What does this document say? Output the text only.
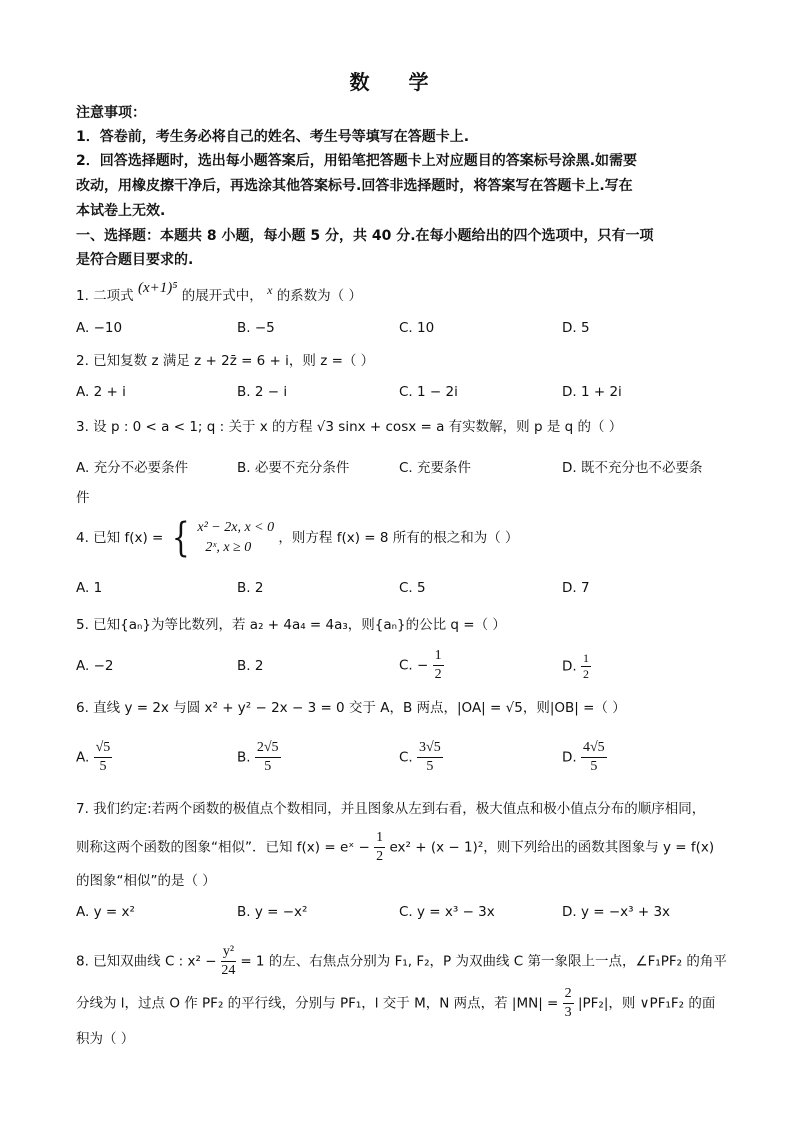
数 学
注意事项：
1．答卷前，考生务必将自己的姓名、考生号等填写在答题卡上.
2．回答选择题时，选出每小题答案后，用铅笔把答题卡上对应题目的答案标号涂黑.如需要
改动，用橡皮擦干净后，再选涂其他答案标号.回答非选择题时，将答案写在答题卡上.写在
本试卷上无效.
一、选择题：本题共 8 小题，每小题 5 分，共 40 分.在每小题给出的四个选项中，只有一项
是符合题目要求的.
1. 二项式 (x+1)⁵ 的展开式中， x 的系数为（ ）
A. −10	B. −5	C. 10	D. 5
2. 已知复数 z 满足 z + 2z̄ = 6 + i，则 z =（ ）
A. 2 + i	B. 2 − i	C. 1 − 2i	D. 1 + 2i
3. 设 p : 0 < a < 1; q : 关于 x 的方程 √3 sinx + cosx = a 有实数解，则 p 是 q 的（ ）
A. 充分不必要条件	B. 必要不充分条件	C. 充要条件	D. 既不充分也不必要条
件
4. 已知 f(x) = { x² − 2x, x < 0
2ˣ, x ≥ 0
，则方程 f(x) = 8 所有的根之和为（ ）
A. 1	B. 2	C. 5	D. 7
5. 已知{aₙ}为等比数列，若 a₂ + 4a₄ = 4a₃，则{aₙ}的公比 q =（ ）
A. −2	B. 2	C. − $\frac{1}{2}$	D. $\frac{1}{2}$
6. 直线 y = 2x 与圆 x² + y² − 2x − 3 = 0 交于 A，B 两点，|OA| = √5，则|OB| =（ ）
A. $\frac{√5}{5}$	B. $\frac{2√5}{5}$	C. $\frac{3√5}{5}$	D. $\frac{4√5}{5}$
7. 我们约定:若两个函数的极值点个数相同，并且图象从左到右看，极大值点和极小值点分布的顺序相同，
则称这两个函数的图象“相似”．已知 f(x) = eˣ − $\frac{1}{2} ex^2 + (x - 1)^2$，则下列给出的函数其图象与 y = f(x)
的图象“相似”的是（ ）
A. y = x²	B. y = −x²	C. y = x³ − 3x	D. y = −x³ + 3x
8. 已知双曲线 C : $x^2 - \frac{\text{y²}}{24} = 1$ 的左、右焦点分别为 F₁, F₂，P 为双曲线 C 第一象限上一点，∠F₁PF₂ 的角平
分线为 l，过点 O 作 PF₂ 的平行线，分别与 PF₁，l 交于 M，N 两点，若 $|MN| = \frac{2}{3} |PF_2|$，则 ∨PF₁F₂ 的面
积为（ ）
